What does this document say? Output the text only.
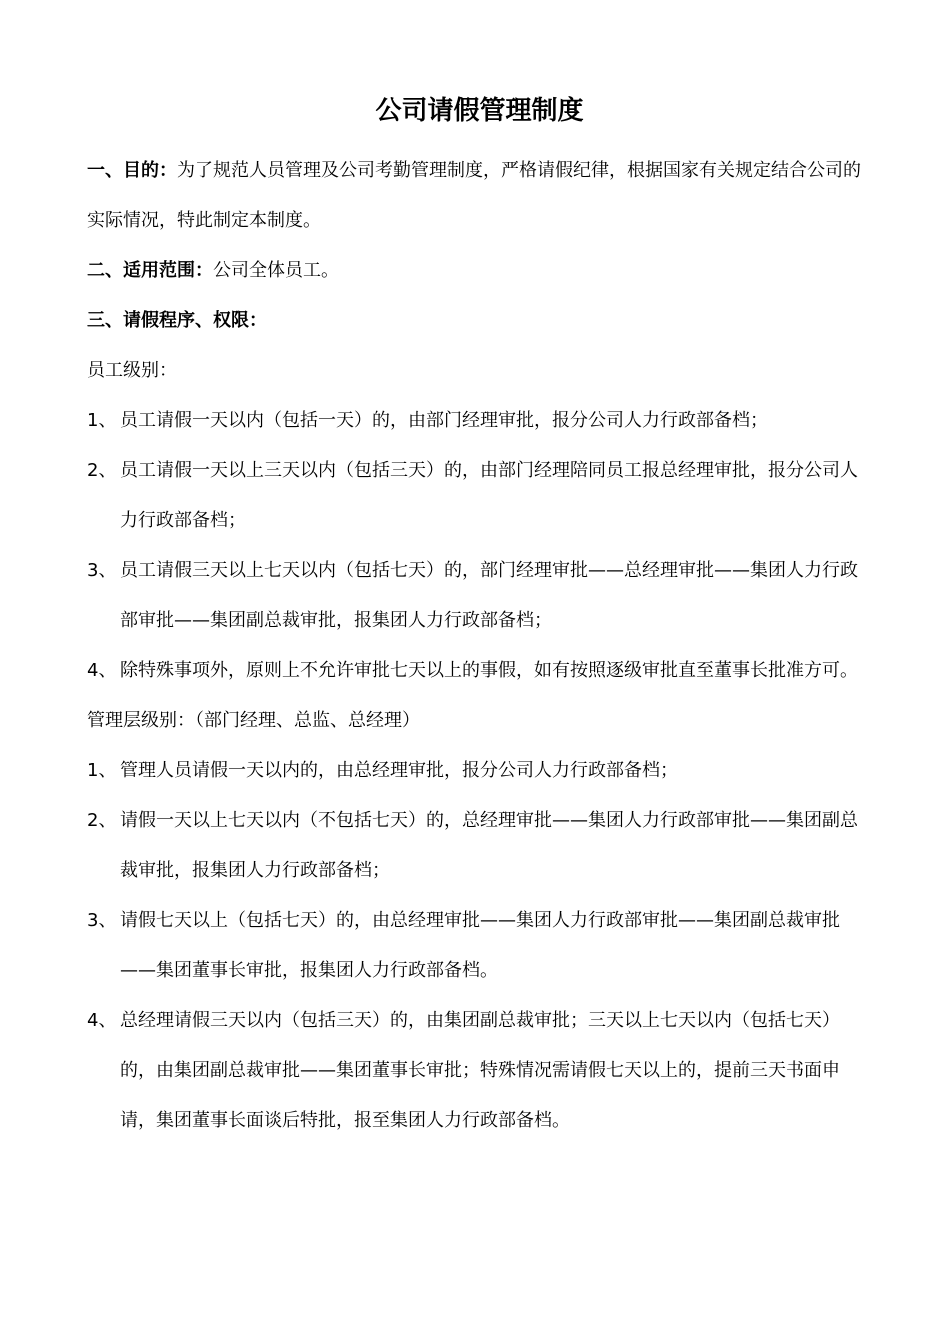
公司请假管理制度

一、目的：为了规范人员管理及公司考勤管理制度，严格请假纪律，根据国家有关规定结合公司的实际情况，特此制定本制度。

二、适用范围：公司全体员工。

三、请假程序、权限：

员工级别：

1、 员工请假一天以内（包括一天）的，由部门经理审批，报分公司人力行政部备档；
2、 员工请假一天以上三天以内（包括三天）的，由部门经理陪同员工报总经理审批，报分公司人力行政部备档；
3、 员工请假三天以上七天以内（包括七天）的，部门经理审批——总经理审批——集团人力行政部审批——集团副总裁审批，报集团人力行政部备档；
4、 除特殊事项外，原则上不允许审批七天以上的事假，如有按照逐级审批直至董事长批准方可。

管理层级别：（部门经理、总监、总经理）

1、 管理人员请假一天以内的，由总经理审批，报分公司人力行政部备档；
2、 请假一天以上七天以内（不包括七天）的，总经理审批——集团人力行政部审批——集团副总裁审批，报集团人力行政部备档；
3、 请假七天以上（包括七天）的，由总经理审批——集团人力行政部审批——集团副总裁审批——集团董事长审批，报集团人力行政部备档。
4、 总经理请假三天以内（包括三天）的，由集团副总裁审批；三天以上七天以内（包括七天）的，由集团副总裁审批——集团董事长审批；特殊情况需请假七天以上的，提前三天书面申请，集团董事长面谈后特批，报至集团人力行政部备档。
